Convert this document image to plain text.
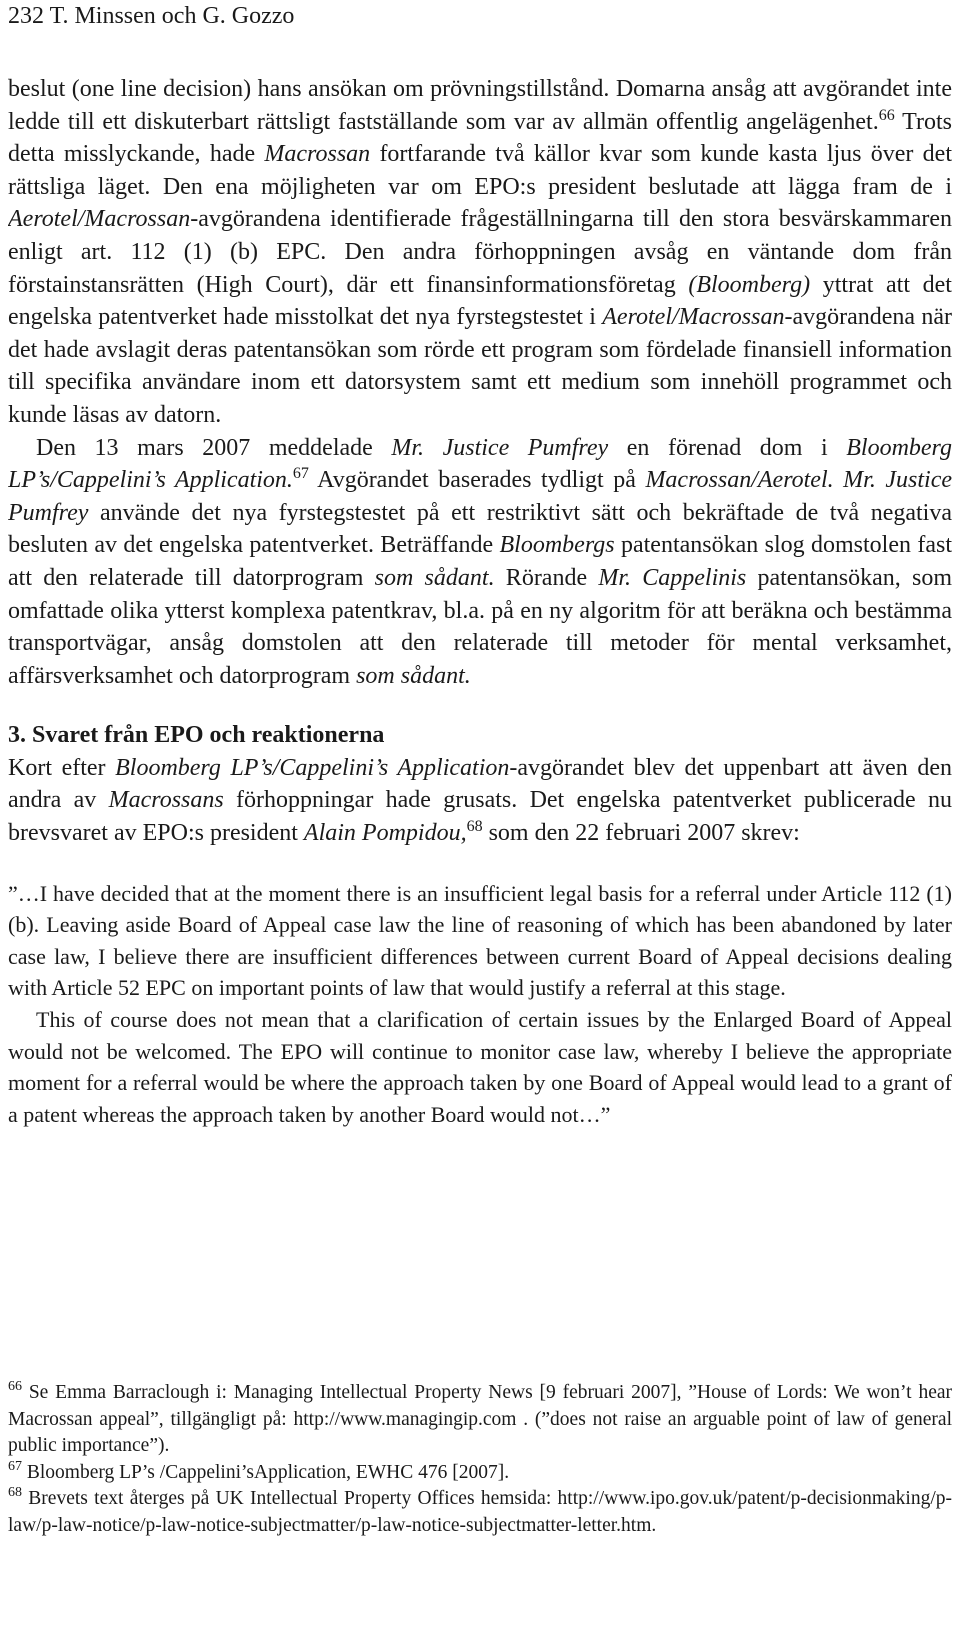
232 T. Minssen och G. Gozzo

beslut (one line decision) hans ansökan om prövningstillstånd. Domarna ansåg att avgörandet inte ledde till ett diskuterbart rättsligt fastställande som var av allmän offentlig angelägenhet.$^{66}$ Trots detta misslyckande, hade Macrossan fortfarande två källor kvar som kunde kasta ljus över det rättsliga läget. Den ena möjligheten var om EPO:s president beslutade att lägga fram de i Aerotel/Macrossan-avgörandena identifierade frågeställningarna till den stora besvärskammaren enligt art. 112 (1) (b) EPC. Den andra förhoppningen avsåg en väntande dom från förstainstansrätten (High Court), där ett finansinformationsföretag (Bloomberg) yttrat att det engelska patentverket hade misstolkat det nya fyrstegstestet i Aerotel/Macrossan-avgörandena när det hade avslagit deras patentansökan som rörde ett program som fördelade finansiell information till specifika användare inom ett datorsystem samt ett medium som innehöll programmet och kunde läsas av datorn.

Den 13 mars 2007 meddelade Mr. Justice Pumfrey en förenad dom i Bloomberg LP’s/Cappelini’s Application.$^{67}$ Avgörandet baserades tydligt på Macrossan/Aerotel. Mr. Justice Pumfrey använde det nya fyrstegstestet på ett restriktivt sätt och bekräftade de två negativa besluten av det engelska patentverket. Beträffande Bloombergs patentansökan slog domstolen fast att den relaterade till datorprogram som sådant. Rörande Mr. Cappelinis patentansökan, som omfattade olika ytterst komplexa patentkrav, bl.a. på en ny algoritm för att beräkna och bestämma transportvägar, ansåg domstolen att den relaterade till metoder för mental verksamhet, affärsverksamhet och datorprogram som sådant.

3. Svaret från EPO och reaktionerna

Kort efter Bloomberg LP’s/Cappelini’s Application-avgörandet blev det uppenbart att även den andra av Macrossans förhoppningar hade grusats. Det engelska patentverket publicerade nu brevsvaret av EPO:s president Alain Pompidou,$^{68}$ som den 22 februari 2007 skrev:

”…I have decided that at the moment there is an insufficient legal basis for a referral under Article 112 (1) (b). Leaving aside Board of Appeal case law the line of reasoning of which has been abandoned by later case law, I believe there are insufficient differences between current Board of Appeal decisions dealing with Article 52 EPC on important points of law that would justify a referral at this stage.

This of course does not mean that a clarification of certain issues by the Enlarged Board of Appeal would not be welcomed. The EPO will continue to monitor case law, whereby I believe the appropriate moment for a referral would be where the approach taken by one Board of Appeal would lead to a grant of a patent whereas the approach taken by another Board would not…”

$^{66}$ Se Emma Barraclough i: Managing Intellectual Property News [9 februari 2007], ”House of Lords: We won’t hear Macrossan appeal”, tillgängligt på: http://www.managingip.com . (”does not raise an arguable point of law of general public importance”).

$^{67}$ Bloomberg LP’s /Cappelini’sApplication, EWHC 476 [2007].

$^{68}$ Brevets text återges på UK Intellectual Property Offices hemsida: http://www.ipo.gov.uk/patent/p-decisionmaking/p-law/p-law-notice/p-law-notice-subjectmatter/p-law-notice-subjectmatter-letter.htm.
